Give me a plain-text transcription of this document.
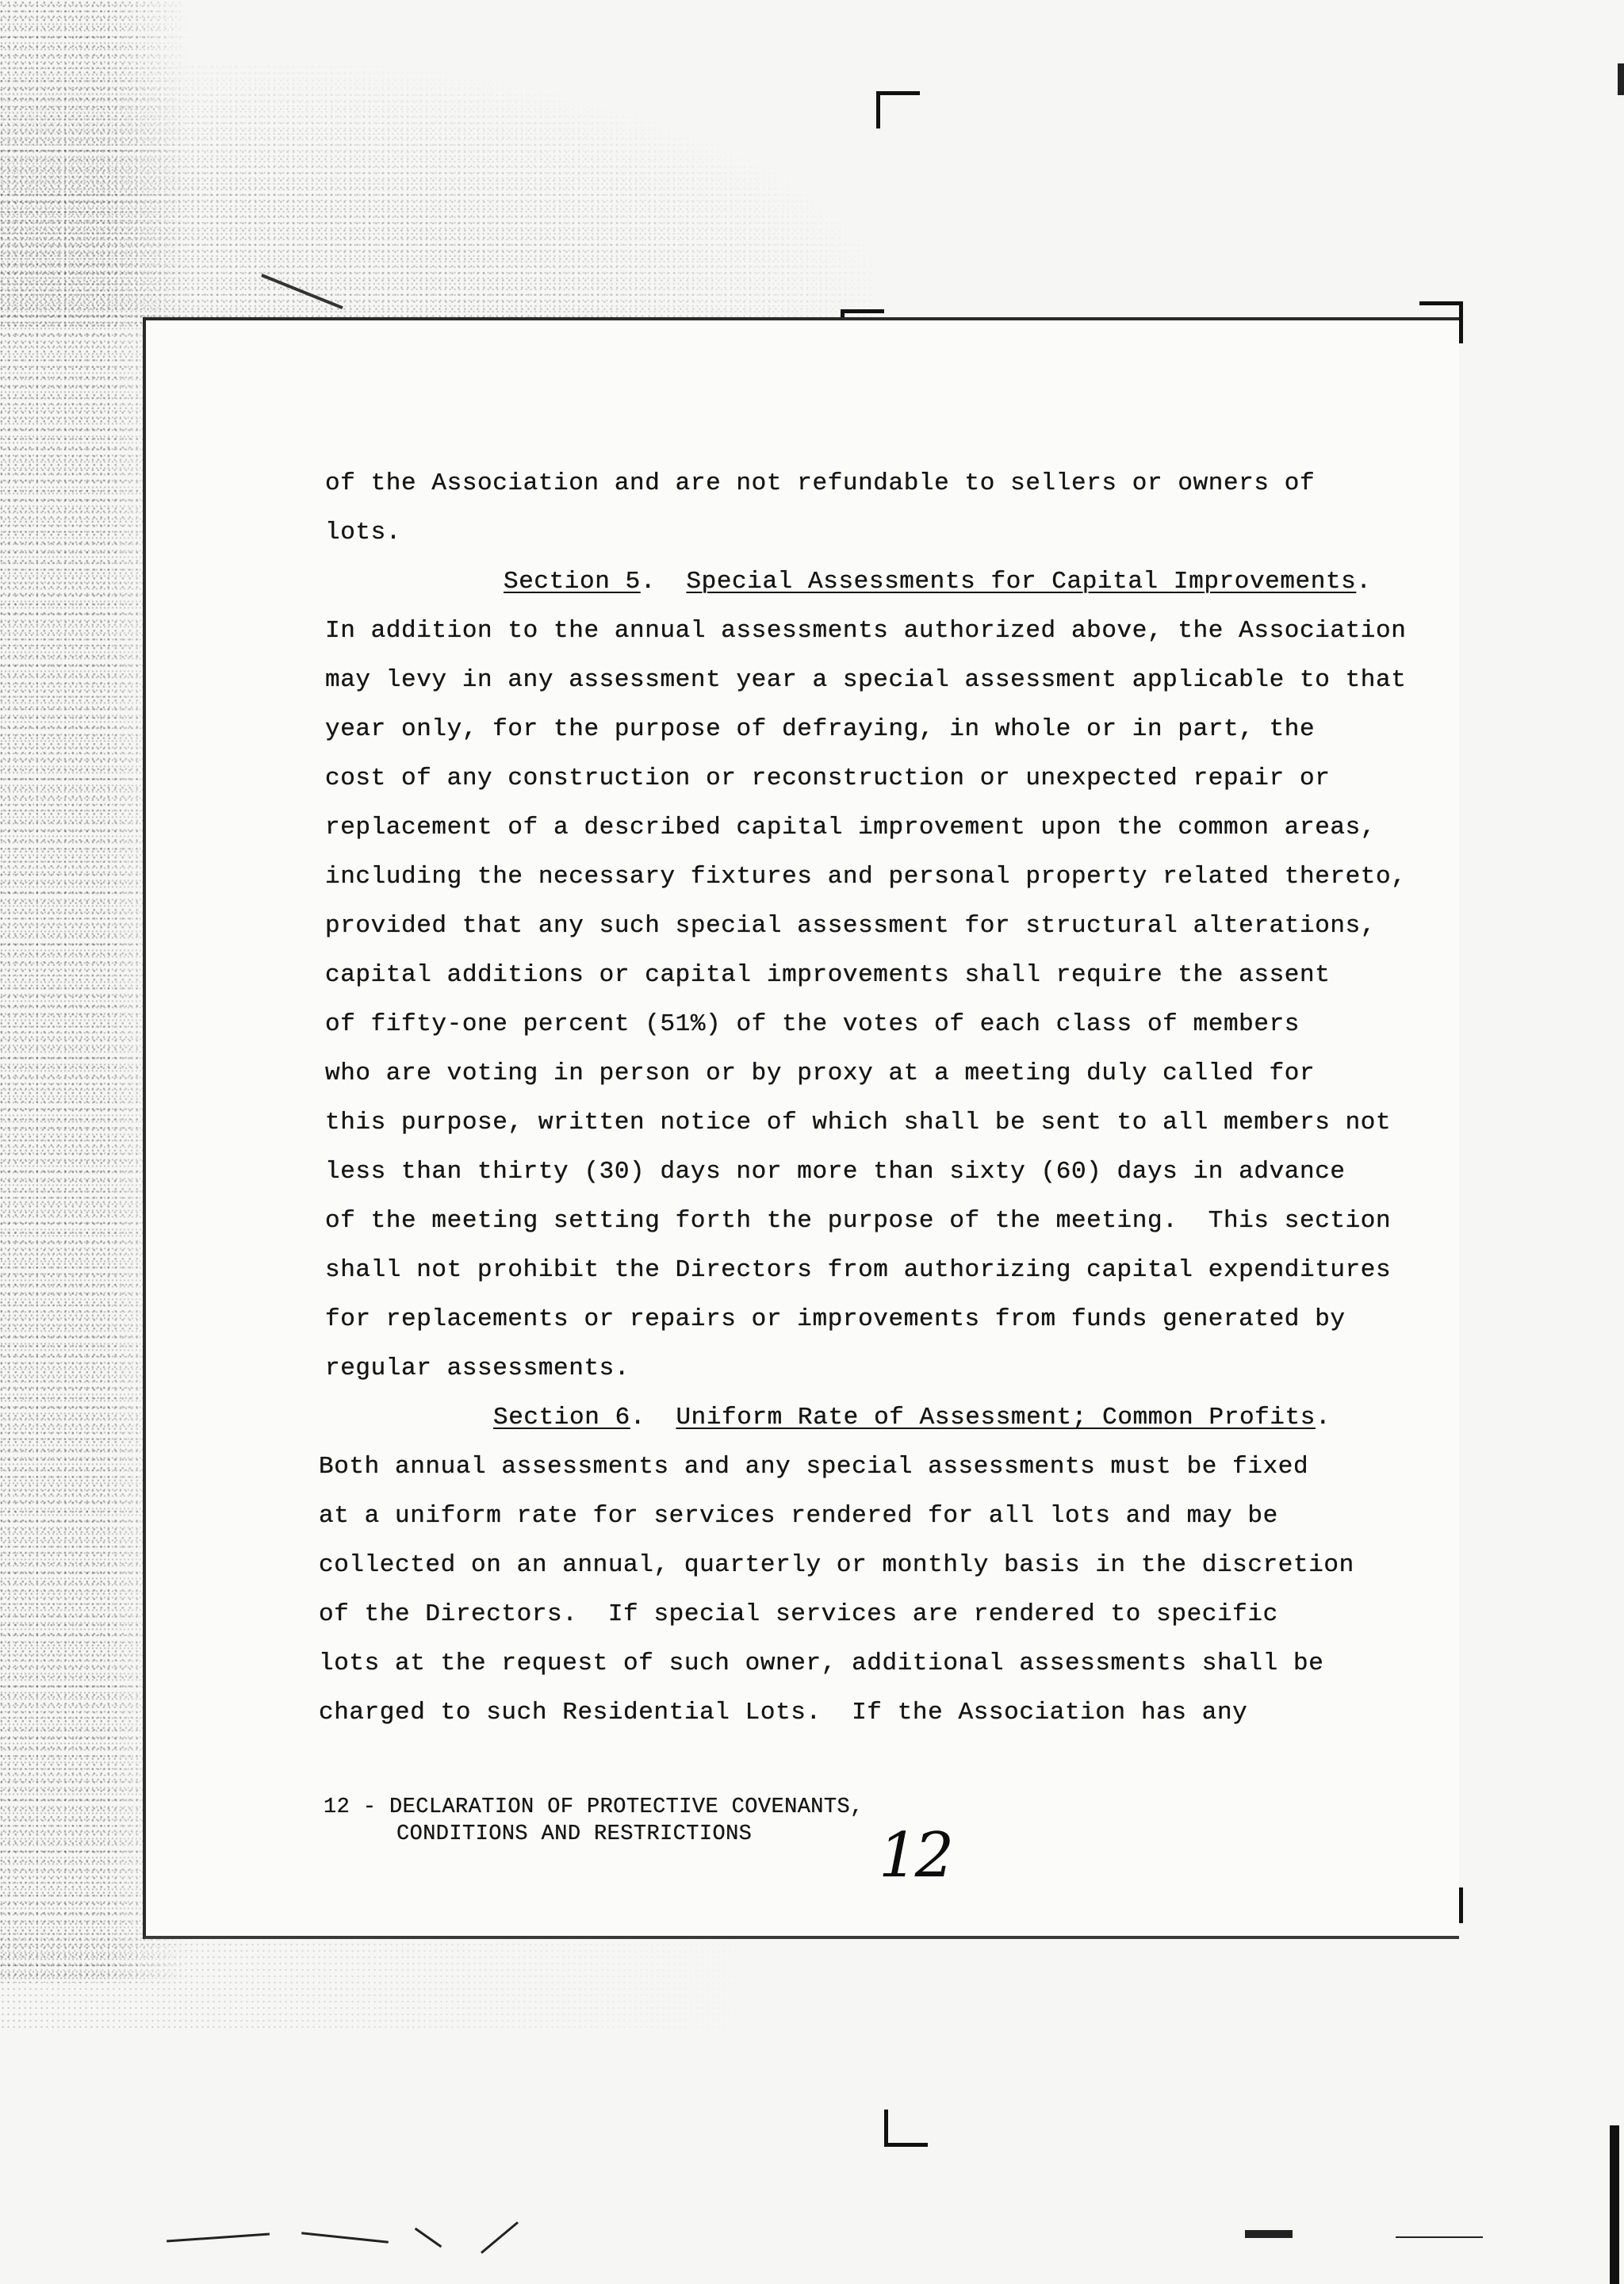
of the Association and are not refundable to sellers or owners of
lots.
Section 5.  Special Assessments for Capital Improvements.
In addition to the annual assessments authorized above, the Association
may levy in any assessment year a special assessment applicable to that
year only, for the purpose of defraying, in whole or in part, the
cost of any construction or reconstruction or unexpected repair or
replacement of a described capital improvement upon the common areas,
including the necessary fixtures and personal property related thereto,
provided that any such special assessment for structural alterations,
capital additions or capital improvements shall require the assent
of fifty-one percent (51%) of the votes of each class of members
who are voting in person or by proxy at a meeting duly called for
this purpose, written notice of which shall be sent to all members not
less than thirty (30) days nor more than sixty (60) days in advance
of the meeting setting forth the purpose of the meeting.  This section
shall not prohibit the Directors from authorizing capital expenditures
for replacements or repairs or improvements from funds generated by
regular assessments.
Section 6.  Uniform Rate of Assessment; Common Profits.
Both annual assessments and any special assessments must be fixed
at a uniform rate for services rendered for all lots and may be
collected on an annual, quarterly or monthly basis in the discretion
of the Directors.  If special services are rendered to specific
lots at the request of such owner, additional assessments shall be
charged to such Residential Lots.  If the Association has any
12 - DECLARATION OF PROTECTIVE COVENANTS,
CONDITIONS AND RESTRICTIONS	12
